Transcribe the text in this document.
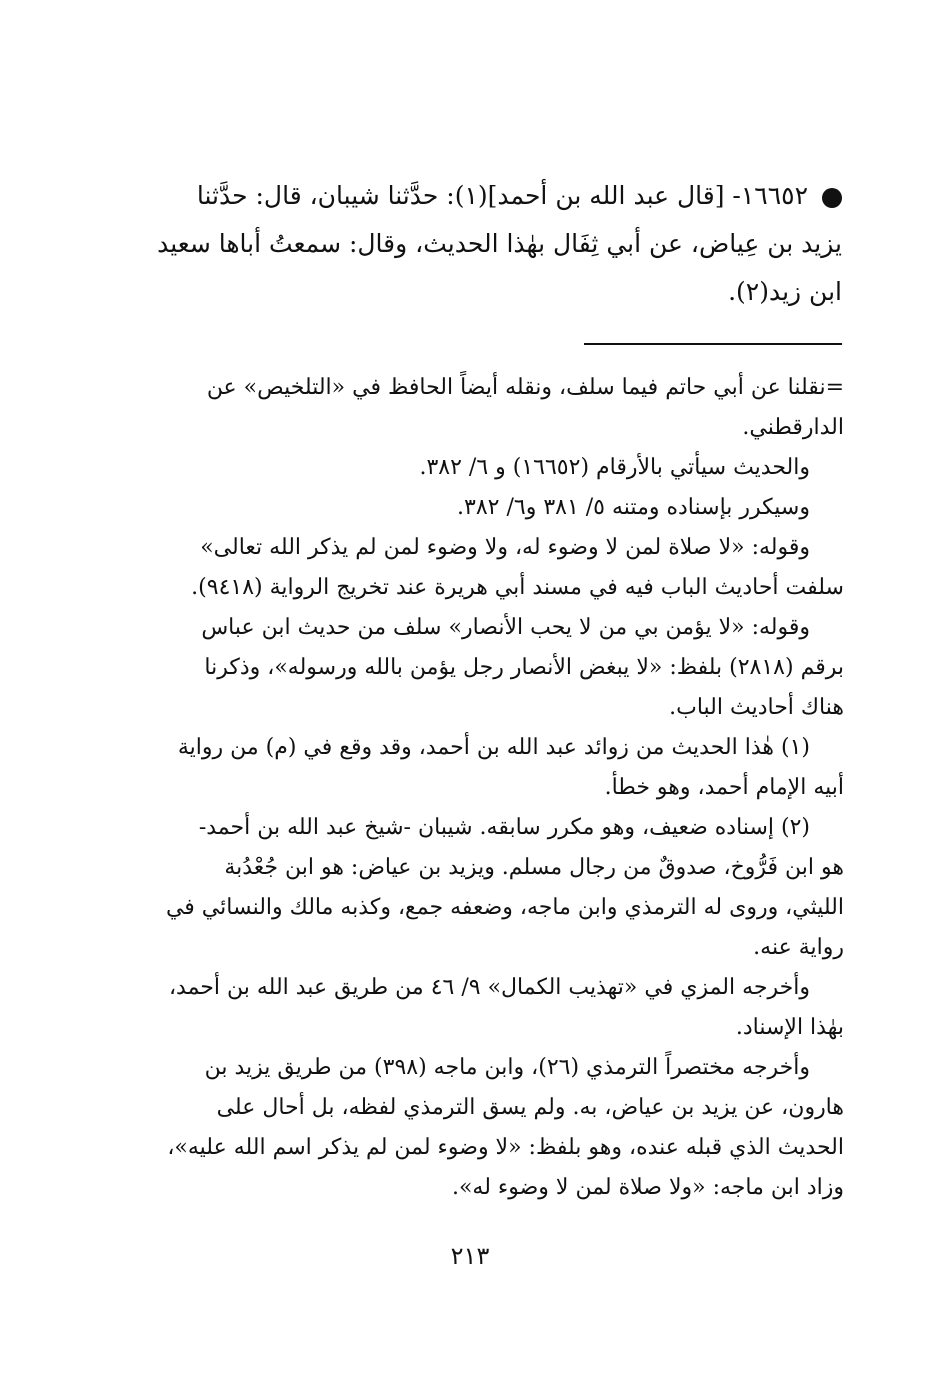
١٦٦٥٢- [قال عبد الله بن أحمد](١): حدَّثنا شيبان، قال: حدَّثنا
يزيد بن عِياض، عن أبي ثِفَال بهٰذا الحديث، وقال: سمعتُ أباها سعيد
ابن زيد(٢).
=نقلنا عن أبي حاتم فيما سلف، ونقله أيضاً الحافظ في «التلخيص» عن
الدارقطني.
والحديث سيأتي بالأرقام (١٦٦٥٢) و ٦/ ٣٨٢.
وسيكرر بإسناده ومتنه ٥/ ٣٨١ و٦/ ٣٨٢.
وقوله: «لا صلاة لمن لا وضوء له، ولا وضوء لمن لم يذكر الله تعالى»
سلفت أحاديث الباب فيه في مسند أبي هريرة عند تخريج الرواية (٩٤١٨).
وقوله: «لا يؤمن بي من لا يحب الأنصار» سلف من حديث ابن عباس
برقم (٢٨١٨) بلفظ: «لا يبغض الأنصار رجل يؤمن بالله ورسوله»، وذكرنا
هناك أحاديث الباب.
(١) هٰذا الحديث من زوائد عبد الله بن أحمد، وقد وقع في (م) من رواية
أبيه الإمام أحمد، وهو خطأ.
(٢) إسناده ضعيف، وهو مكرر سابقه. شيبان -شيخ عبد الله بن أحمد-
هو ابن فَرُّوخ، صدوقٌ من رجال مسلم. ويزيد بن عياض: هو ابن جُعْدُبة
الليثي، وروى له الترمذي وابن ماجه، وضعفه جمع، وكذبه مالك والنسائي في
رواية عنه.
وأخرجه المزي في «تهذيب الكمال» ٩/ ٤٦ من طريق عبد الله بن أحمد،
بهٰذا الإسناد.
وأخرجه مختصراً الترمذي (٢٦)، وابن ماجه (٣٩٨) من طريق يزيد بن
هارون، عن يزيد بن عياض، به. ولم يسق الترمذي لفظه، بل أحال على
الحديث الذي قبله عنده، وهو بلفظ: «لا وضوء لمن لم يذكر اسم الله عليه»،
وزاد ابن ماجه: «ولا صلاة لمن لا وضوء له».
٢١٣
